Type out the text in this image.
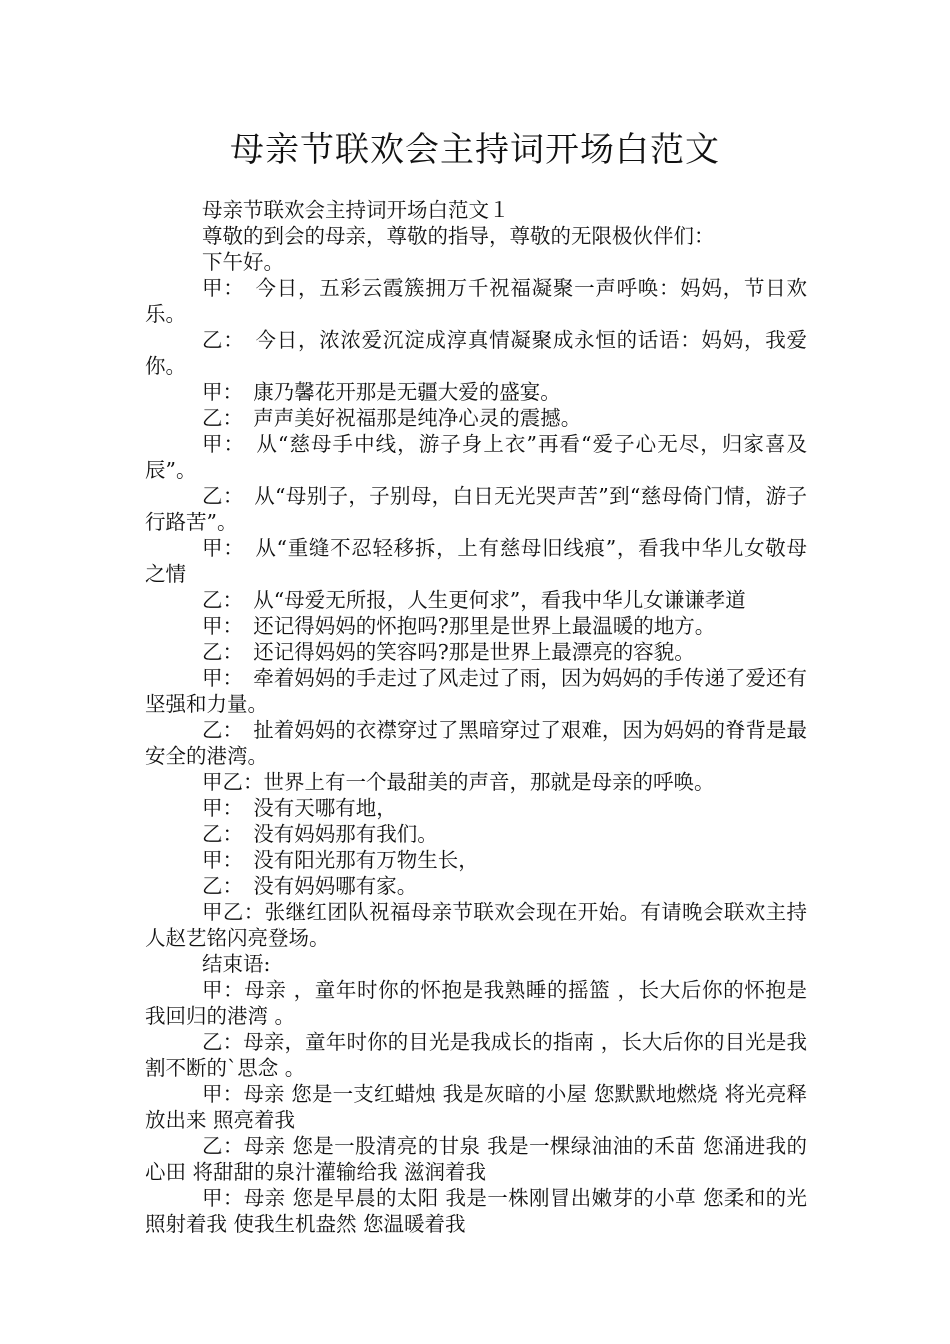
母亲节联欢会主持词开场白范文

母亲节联欢会主持词开场白范文１

尊敬的到会的母亲，尊敬的指导，尊敬的无限极伙伴们：

下午好。

甲：　今日，五彩云霞簇拥万千祝福凝聚一声呼唤：妈妈，节日欢乐。

乙：　今日，浓浓爱沉淀成淳真情凝聚成永恒的话语：妈妈，我爱你。

甲：　康乃馨花开那是无疆大爱的盛宴。

乙：　声声美好祝福那是纯净心灵的震撼。

甲：　从“慈母手中线，游子身上衣”再看“爱子心无尽，归家喜及辰”。

乙：　从“母别子，子别母，白日无光哭声苦”到“慈母倚门情，游子行路苦”。

甲：　从“重缝不忍轻移拆，上有慈母旧线痕”，看我中华儿女敬母之情

乙：　从“母爱无所报，人生更何求”，看我中华儿女谦谦孝道

甲：　还记得妈妈的怀抱吗?那里是世界上最温暖的地方。

乙：　还记得妈妈的笑容吗?那是世界上最漂亮的容貌。

甲：　牵着妈妈的手走过了风走过了雨，因为妈妈的手传递了爱还有坚强和力量。

乙：　扯着妈妈的衣襟穿过了黑暗穿过了艰难，因为妈妈的脊背是最安全的港湾。

甲乙：世界上有一个最甜美的声音，那就是母亲的呼唤。

甲：　没有天哪有地，

乙：　没有妈妈那有我们。

甲：　没有阳光那有万物生长，

乙：　没有妈妈哪有家。

甲乙：张继红团队祝福母亲节联欢会现在开始。有请晚会联欢主持人赵艺铭闪亮登场。

结束语:

甲：母亲 ，童年时你的怀抱是我熟睡的摇篮 ，长大后你的怀抱是我回归的港湾 。

乙：母亲，童年时你的目光是我成长的指南 ，长大后你的目光是我割不断的`思念 。

甲：母亲 您是一支红蜡烛 我是灰暗的小屋 您默默地燃烧 将光亮释放出来 照亮着我

乙：母亲 您是一股清亮的甘泉 我是一棵绿油油的禾苗 您涌进我的心田 将甜甜的泉汁灌输给我 滋润着我

甲：母亲 您是早晨的太阳 我是一株刚冒出嫩芽的小草 您柔和的光照射着我 使我生机盎然 您温暖着我
